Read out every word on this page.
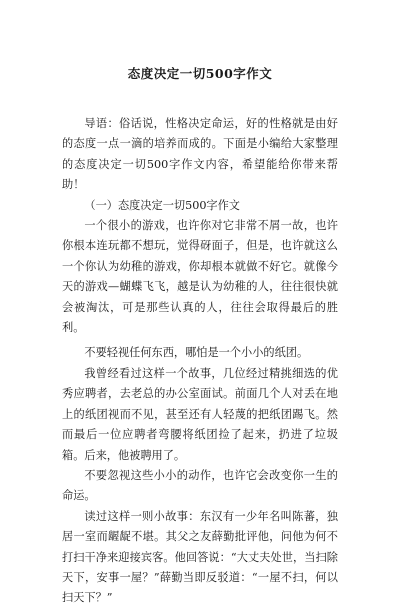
态度决定一切500字作文

导语：俗话说，性格决定命运，好的性格就是由好的态度一点一滴的培养而成的。下面是小编给大家整理的态度决定一切500字作文内容，希望能给你带来帮助！

（一）态度决定一切500字作文

一个很小的游戏，也许你对它非常不屑一故，也许你根本连玩都不想玩，觉得砑面子，但是，也许就这么一个你认为幼稚的游戏，你却根本就做不好它。就像今天的游戏—蝴蝶飞飞，越是认为幼稚的人，往往很快就会被淘汰，可是那些认真的人，往往会取得最后的胜利。

不要轻视任何东西，哪怕是一个小小的纸团。

我曾经看过这样一个故事，几位经过精挑细选的优秀应聘者，去老总的办公室面试。前面几个人对丢在地上的纸团视而不见，甚至还有人轻蔑的把纸团踢飞。然而最后一位应聘者弯腰将纸团捡了起来，扔进了垃圾箱。后来，他被聘用了。

不要忽视这些小小的动作，也许它会改变你一生的命运。

读过这样一则小故事：东汉有一少年名叫陈蕃，独居一室而龌龊不堪。其父之友薛勤批评他，问他为何不打扫干净来迎接宾客。他回答说：“大丈夫处世，当扫除天下，安事一屋？”薛勤当即反驳道：“一屋不扫，何以扫天下？”
